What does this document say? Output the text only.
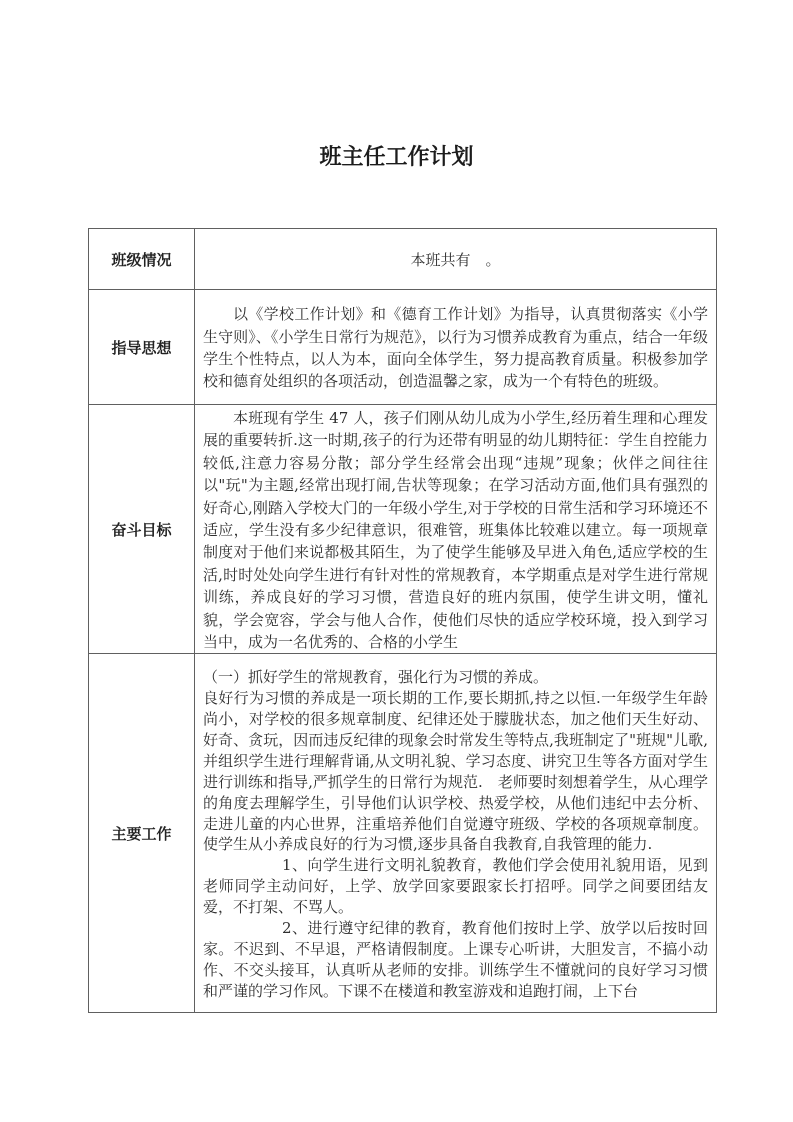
班主任工作计划
班级情况	本班共有　。

指导思想	以《学校工作计划》和《德育工作计划》为指导，认真贯彻落实《小学生守则》、《小学生日常行为规范》，以行为习惯养成教育为重点，结合一年级学生个性特点，以人为本，面向全体学生，努力提高教育质量。积极参加学校和德育处组织的各项活动，创造温馨之家，成为一个有特色的班级。

奋斗目标	本班现有学生 47 人，孩子们刚从幼儿成为小学生,经历着生理和心理发展的重要转折.这一时期,孩子的行为还带有明显的幼儿期特征：学生自控能力较低,注意力容易分散；部分学生经常会出现“违规”现象；伙伴之间往往以"玩"为主题,经常出现打闹,告状等现象；在学习活动方面,他们具有强烈的好奇心,刚踏入学校大门的一年级小学生,对于学校的日常生活和学习环境还不适应，学生没有多少纪律意识，很难管，班集体比较难以建立。每一项规章制度对于他们来说都极其陌生，为了使学生能够及早进入角色,适应学校的生活,时时处处向学生进行有针对性的常规教育，本学期重点是对学生进行常规训练，养成良好的学习习惯，营造良好的班内氛围，使学生讲文明，懂礼貌，学会宽容，学会与他人合作，使他们尽快的适应学校环境，投入到学习当中，成为一名优秀的、合格的小学生

主要工作	（一）抓好学生的常规教育，强化行为习惯的养成。

良好行为习惯的养成是一项长期的工作,要长期抓,持之以恒.一年级学生年龄尚小，对学校的很多规章制度、纪律还处于朦胧状态，加之他们天生好动、好奇、贪玩，因而违反纪律的现象会时常发生等特点,我班制定了"班规"儿歌,并组织学生进行理解背诵,从文明礼貌、学习态度、讲究卫生等各方面对学生进行训练和指导,严抓学生的日常行为规范.　老师要时刻想着学生，从心理学的角度去理解学生，引导他们认识学校、热爱学校，从他们违纪中去分析、走进儿童的内心世界，注重培养他们自觉遵守班级、学校的各项规章制度。使学生从小养成良好的行为习惯,逐步具备自我教育,自我管理的能力.

1、向学生进行文明礼貌教育，教他们学会使用礼貌用语，见到老师同学主动问好，上学、放学回家要跟家长打招呼。同学之间要团结友爱，不打架、不骂人。

2、进行遵守纪律的教育，教育他们按时上学、放学以后按时回家。不迟到、不早退，严格请假制度。上课专心听讲，大胆发言，不搞小动作、不交头接耳，认真听从老师的安排。训练学生不懂就问的良好学习习惯和严谨的学习作风。下课不在楼道和教室游戏和追跑打闹，上下台
